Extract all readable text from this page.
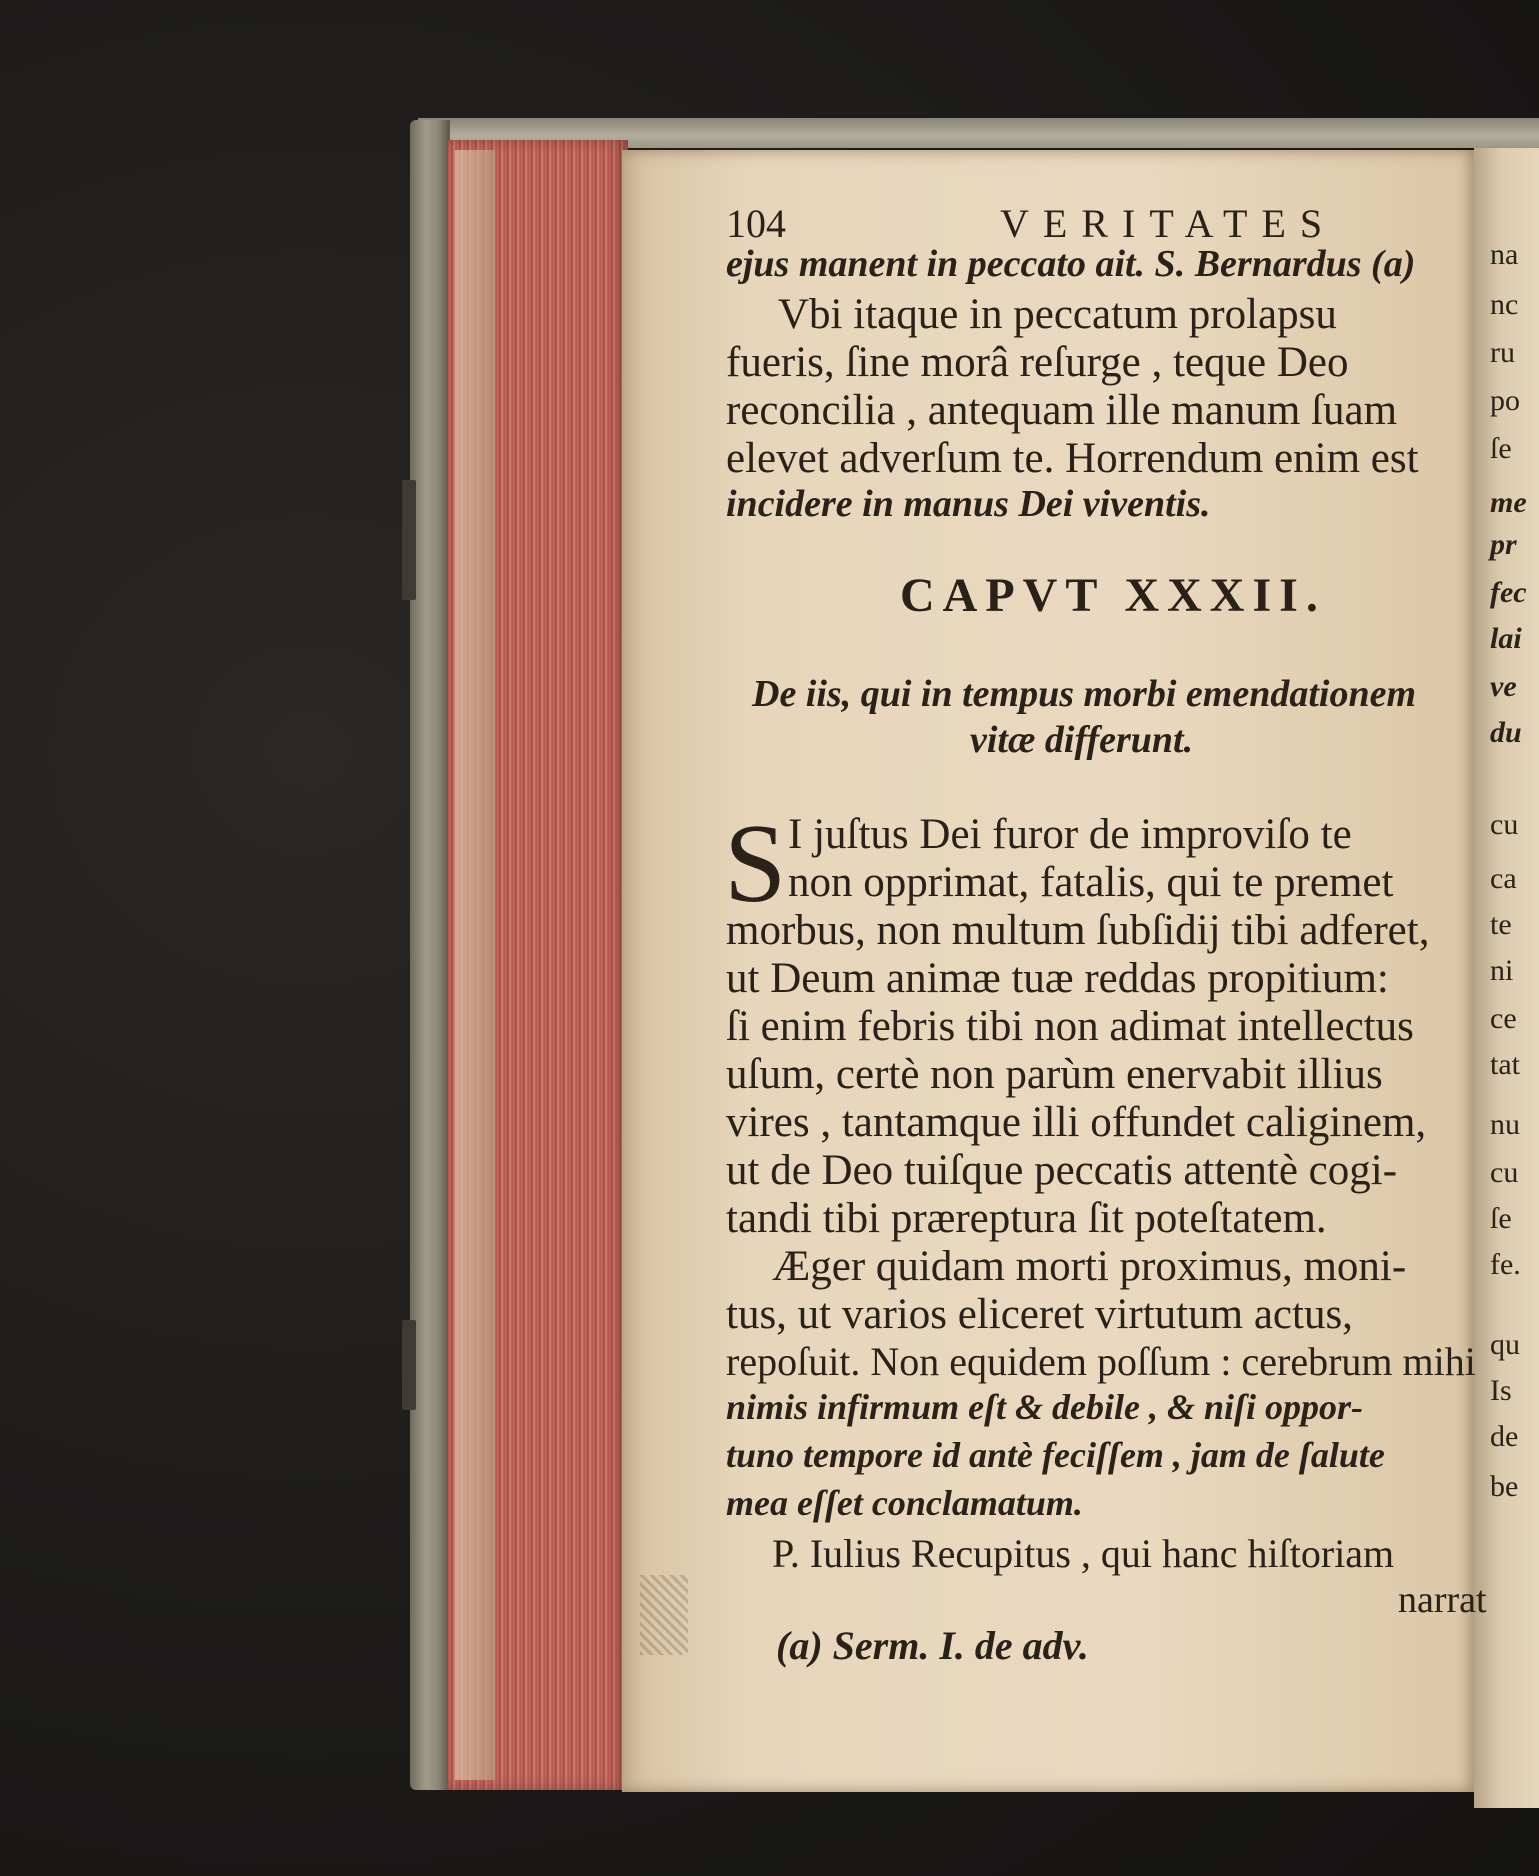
na
nc
ru
po
ſe
me
pr
fec
lai
ve
du
cu
ca
te
ni
ce
tat
nu
cu
ſe
fe.
qu
Is
de
be
104	VERITATES
ejus manent in peccato ait. S. Bernardus (a)
Vbi itaque in peccatum prolapsu
fueris, ſine morâ reſurge , teque Deo
reconcilia , antequam ille manum ſuam
elevet adverſum te. Horrendum enim est
incidere in manus Dei viventis.
CAPVT XXXII.
De iis, qui in tempus morbi emendationem
vitæ differunt.
S I juſtus Dei furor de improviſo te
non opprimat, fatalis, qui te premet
morbus, non multum ſubſidij tibi adferet,
ut Deum animæ tuæ reddas propitium:
ſi enim febris tibi non adimat intellectus
uſum, certè non parùm enervabit illius
vires , tantamque illi offundet caliginem,
ut de Deo tuiſque peccatis attentè cogi-
tandi tibi præreptura ſit poteſtatem.
Æger quidam morti proximus, moni-
tus, ut varios eliceret virtutum actus,
repoſuit. Non equidem poſſum : cerebrum mihi
nimis infirmum eſt & debile , & niſi oppor-
tuno tempore id antè feciſſem , jam de ſalute
mea eſſet conclamatum.
P. Iulius Recupitus , qui hanc hiſtoriam
narrat
(a) Serm. I. de adv.
